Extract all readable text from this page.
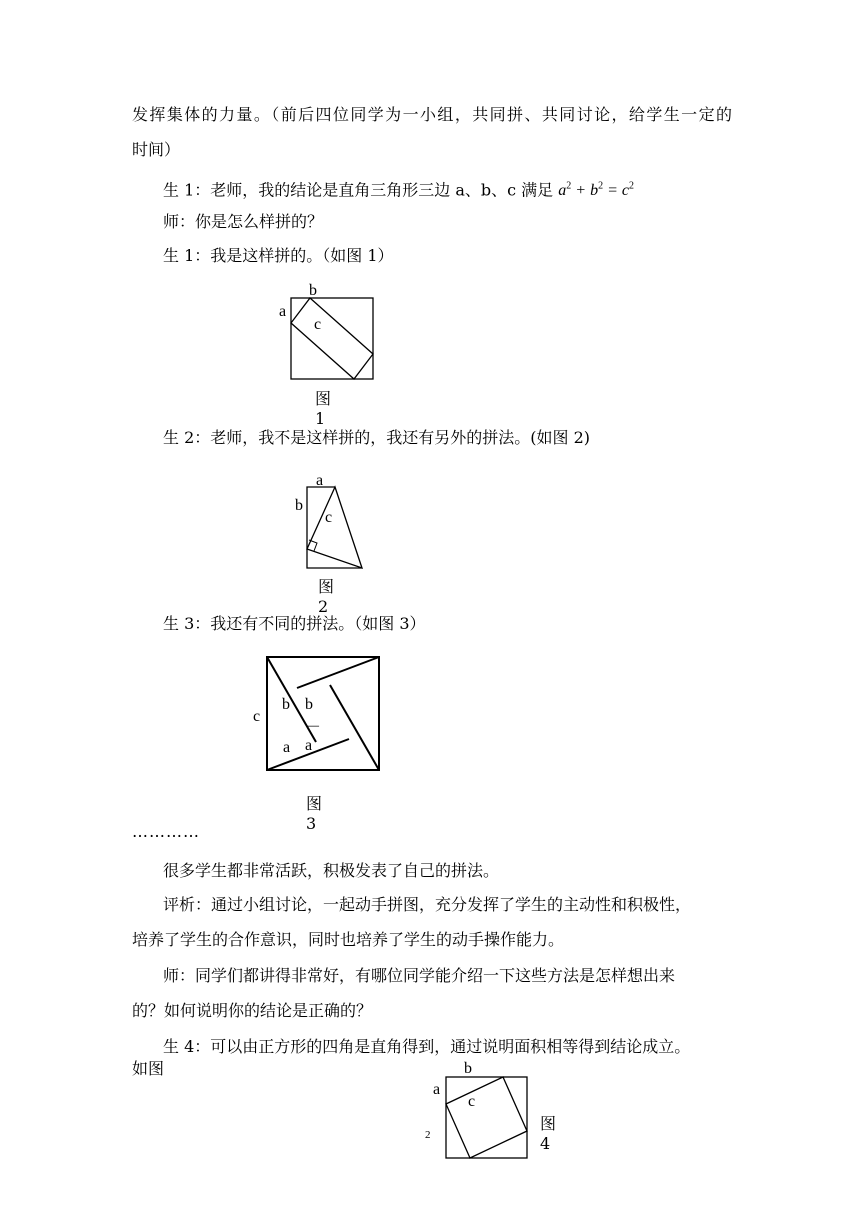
发挥集体的力量。（前后四位同学为一小组，共同拼、共同讨论，给学生一定的
时间）
生 1：老师，我的结论是直角三角形三边 a、b、c 满足 $a^2 + b^2 = c^2$
师：你是怎么样拼的？
生 1：我是这样拼的。（如图 1）
b
a
c
图 1
生 2：老师，我不是这样拼的，我还有另外的拼法。(如图 2)
a
b
c
图 2
生 3：我还有不同的拼法。（如图 3）
c
b b－a
a
图 3
…………
很多学生都非常活跃，积极发表了自己的拼法。
评析：通过小组讨论，一起动手拼图，充分发挥了学生的主动性和积极性，
培养了学生的合作意识，同时也培养了学生的动手操作能力。
师：同学们都讲得非常好，有哪位同学能介绍一下这些方法是怎样想出来
的？如何说明你的结论是正确的？
生 4：可以由正方形的四角是直角得到，通过说明面积相等得到结论成立。
如图	b
a
c
2
图 4
